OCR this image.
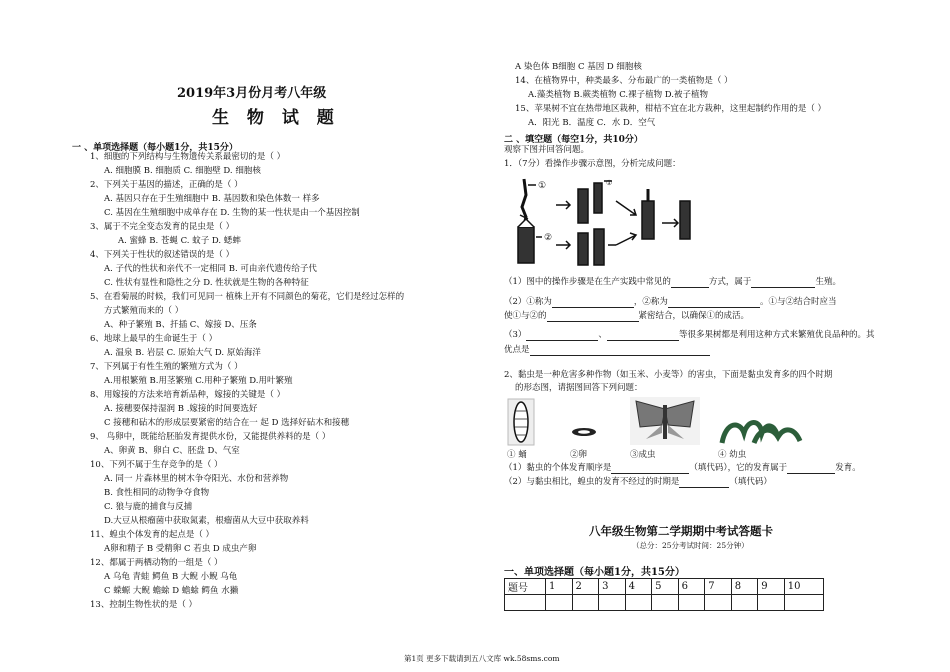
2019年3月份月考八年级
生 物 试 题
一 、单项选择题（每小题1分，共15分）
1、细胞的下列结构与生物遗传关系最密切的是（ ）
A. 细胞膜 B. 细胞质 C. 细胞壁 D. 细胞核
2、下列关于基因的描述，正确的是（ ）
A. 基因只存在于生殖细胞中 B. 基因数和染色体数一 样多
C. 基因在生殖细胞中成单存在 D. 生物的某一性状是由一个基因控制
3、属于不完全变态发育的昆虫是（ ）
A. 蜜蜂 B. 苍蝇 C. 蚊子 D. 蟋蟀
4、下列关于性状的叙述错误的是（ ）
A. 子代的性状和亲代不一定相同 B. 可由亲代遗传给子代
C. 性状有显性和隐性之分 D. 性状就是生物的各种特征
5、在看菊展的时候，我们可见同一 植株上开有不同颜色的菊花，它们是经过怎样的
方式繁殖而来的（ ）
A、种子繁殖 B、扦插 C、嫁接 D、压条
6、地球上最早的生命诞生于（ ）
A. 温泉 B. 岩层 C. 原始大气 D. 原始海洋
7、下列属于有性生殖的繁殖方式为（ ）
A.用根繁殖 B.用茎繁殖 C.用种子繁殖 D.用叶繁殖
8、用嫁接的方法来培育新品种，嫁接的关键是（ ）
A. 接穗要保持湿润 B .嫁接的时间要选好
C 接穗和砧木的形成层要紧密的结合在一 起 D 选择好砧木和接穗
9、 鸟卵中，既能给胚胎发育提供水份，又能提供养料的是（ ）
A、卵黄 B、卵白 C、胚盘 D、气室
10、下列不属于生存竞争的是（ ）
A. 同一 片森林里的树木争夺阳光、水份和营养物
B. 食性相同的动物争夺食物
C. 狼与鹿的捕食与反捕
D.大豆从根瘤菌中获取氮素，根瘤菌从大豆中获取养料
11、蝗虫个体发育的起点是（ ）
A卵和精子 B 受精卵 C 若虫 D 成虫产卵
12、都属于两栖动物的一组是（ ）
A 乌龟 青蛙 鳄鱼 B 大鲵 小鲵 乌龟
C 蝾螈 大鲵 蟾蜍 D 蟾蜍 鳄鱼 水獭
13、控制生物性状的是（ ）
A 染色体 B细胞 C 基因 D 细胞核
14、在植物界中，种类最多、分布最广的一类植物是（ ）
A.藻类植物 B.蕨类植物 C.裸子植物 D.被子植物
15、苹果树不宜在热带地区栽种，柑桔不宜在北方栽种，这里起制约作用的是（ ）
A．阳光 B．温度 C．水 D．空气
二 、填空题（每空1分，共10分）
观察下图并回答问题。
1．（7分）看操作步骤示意图，分析完成问题：
①
②
①
（1）图中的操作步骤是在生产实践中常见的	方式，属于	生殖。
（2）①称为	，②称为	。①与②结合时应当
使①与②的	紧密结合，以确保①的成活。
（3）	、	等很多果树都是利用这种方式来繁殖优良品种的。其
优点是
2、黏虫是一种危害多种作物（如玉米、小麦等）的害虫，下面是黏虫发育多的四个时期
的形态图，请据图回答下列问题：
① 蛹	②卵	③成虫	④ 幼虫
（1）黏虫的个体发育顺序是	（填代码），它的发育属于	发育。
（2）与黏虫相比，蝗虫的发育不经过的时期是	（填代码）
八年级生物第二学期期中考试答题卡
（总分：25分考试时间：25分钟）
一、单项选择题（每小题1分，共15分）
题号	1	2	3	4	5	6	7	8	9	10

第1页 更多下载请到五八文库 wk.58sms.com
